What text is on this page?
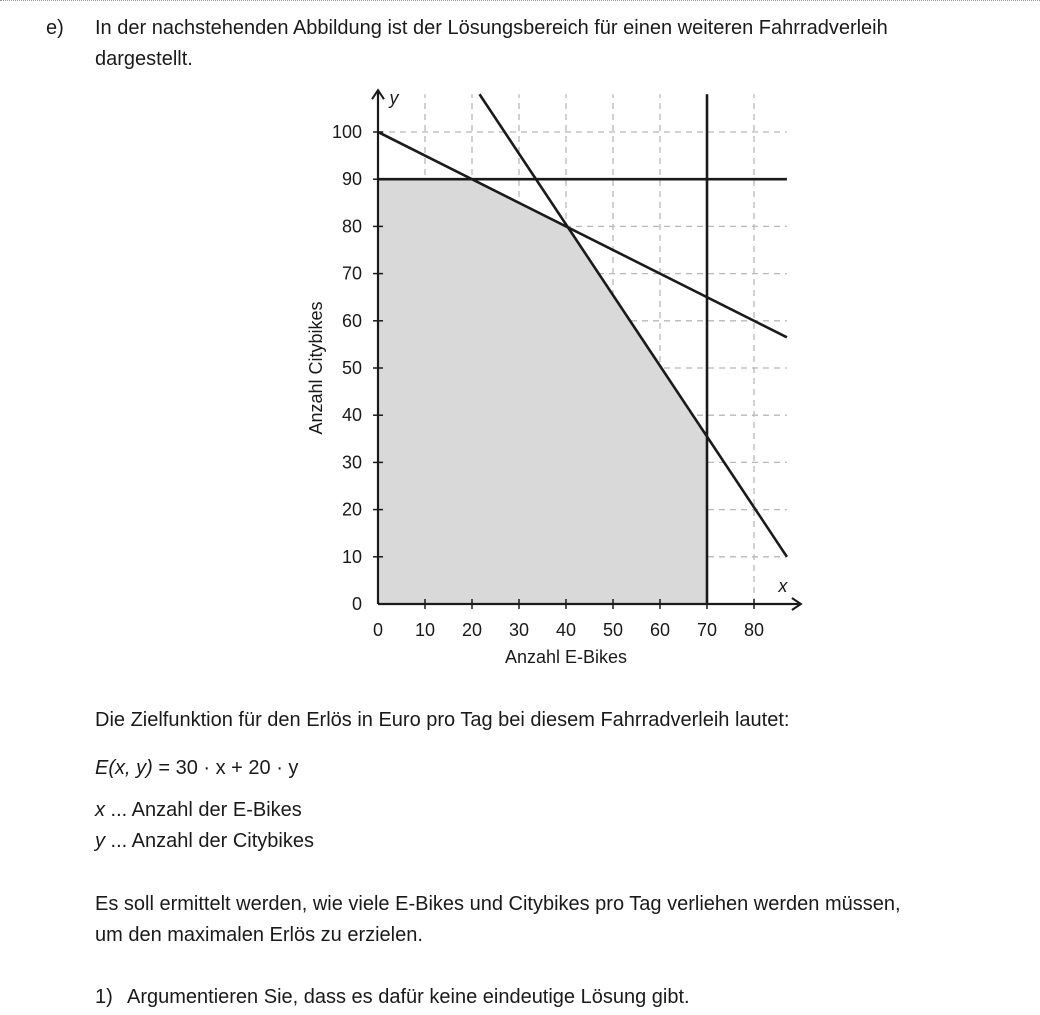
e) In der nachstehenden Abbildung ist der Lösungsbereich für einen weiteren Fahrradverleih
dargestellt.
0 10 20 30 40 50 60 70 80
0
10
20
30
40
50
60
70
80
90
100
x
y
Anzahl E-Bikes
Anzahl Citybikes
Die Zielfunktion für den Erlös in Euro pro Tag bei diesem Fahrradverleih lautet:
E(x, y) = 30 · x + 20 · y
x ... Anzahl der E-Bikes
y ... Anzahl der Citybikes
Es soll ermittelt werden, wie viele E-Bikes und Citybikes pro Tag verliehen werden müssen,
um den maximalen Erlös zu erzielen.
1) Argumentieren Sie, dass es dafür keine eindeutige Lösung gibt.
